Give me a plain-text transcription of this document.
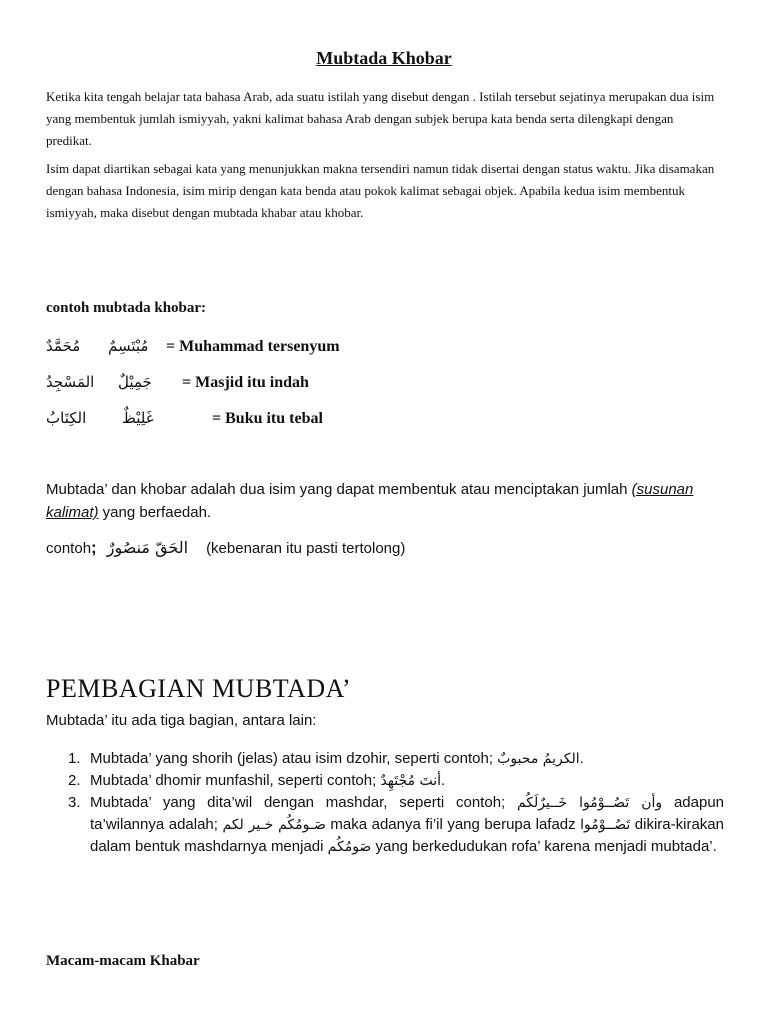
Mubtada Khobar
Ketika kita tengah belajar tata bahasa Arab, ada suatu istilah yang disebut dengan . Istilah tersebut sejatinya merupakan dua isim yang membentuk jumlah ismiyyah, yakni kalimat bahasa Arab dengan subjek berupa kata benda serta dilengkapi dengan predikat.
Isim dapat diartikan sebagai kata yang menunjukkan makna tersendiri namun tidak disertai dengan status waktu. Jika disamakan dengan bahasa Indonesia, isim mirip dengan kata benda atau pokok kalimat sebagai objek. Apabila kedua isim membentuk ismiyyah, maka disebut dengan mubtada khabar atau khobar.
contoh mubtada khobar:
مُحَمَّدٌ مُبْتَسِمٌ = Muhammad tersenyum
المَسْجِدُ جَمِيْلٌ = Masjid itu indah
الكِتَابُ غَلِيْظٌ	= Buku itu tebal
Mubtada’ dan khobar adalah dua isim yang dapat membentuk atau menciptakan jumlah (susunan kalimat) yang berfaedah.
contoh; الحَقّ مَنصُورٌ (kebenaran itu pasti tertolong)
PEMBAGIAN MUBTADA’
Mubtada’ itu ada tiga bagian, antara lain:
1. Mubtada’ yang shorih (jelas) atau isim dzohir, seperti contoh; الكريمُ محبوبٌ.
2. Mubtada’ dhomir munfashil, seperti contoh; أنتَ مُجْتَهِدٌ.
3. Mubtada’ yang dita’wil dengan mashdar, seperti contoh; وأن تَصُــوْمُوا خَــيرٌلَكُم adapun ta’wilannya adalah; صَـومُكُم خـير لكم maka adanya fi’il yang berupa lafadz تَصُــوْمُوا dikira-kirakan dalam bentuk mashdarnya menjadi صَومُكُم yang berkedudukan rofa’ karena menjadi mubtada’.
Macam-macam Khabar
